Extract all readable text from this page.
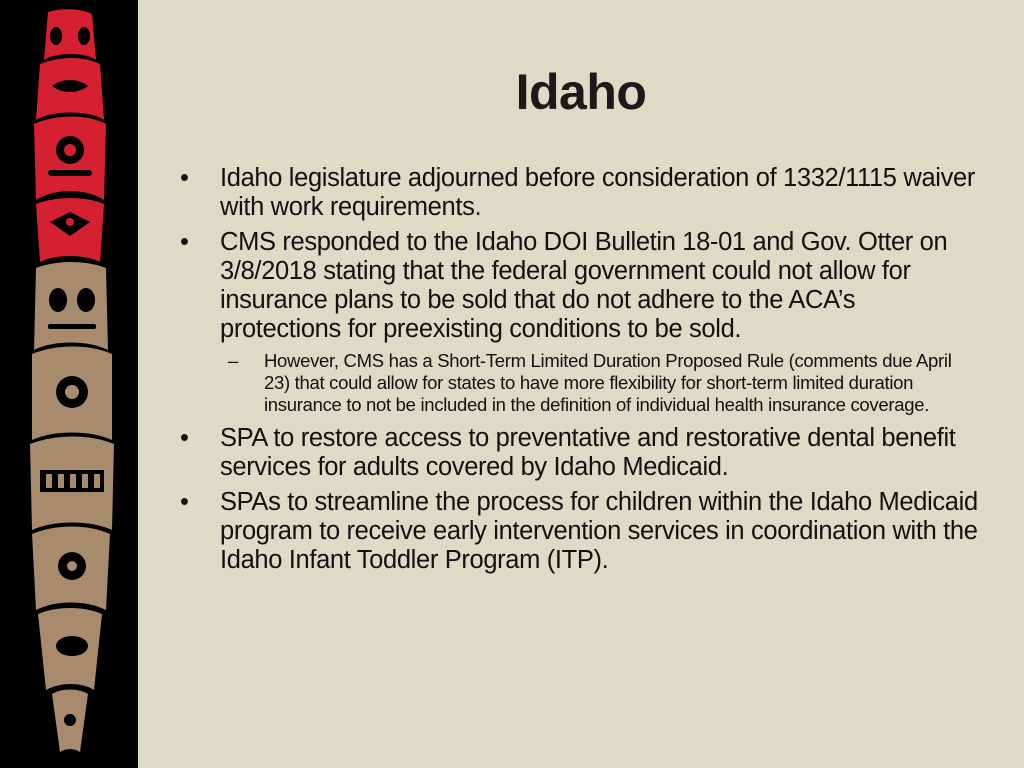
Idaho
•	Idaho legislature adjourned before consideration of 1332/1115 waiver with work requirements.
•	CMS responded to the Idaho DOI Bulletin 18-01 and Gov. Otter on 3/8/2018 stating that the federal government could not allow for insurance plans to be sold that do not adhere to the ACA’s protections for preexisting conditions to be sold.
– However, CMS has a Short-Term Limited Duration Proposed Rule (comments due April 23) that could allow for states to have more flexibility for short-term limited duration insurance to not be included in the definition of individual health insurance coverage.
•	SPA to restore access to preventative and restorative dental benefit services for adults covered by Idaho Medicaid.
•	SPAs to streamline the process for children within the Idaho Medicaid program to receive early intervention services in coordination with the Idaho Infant Toddler Program (ITP).
